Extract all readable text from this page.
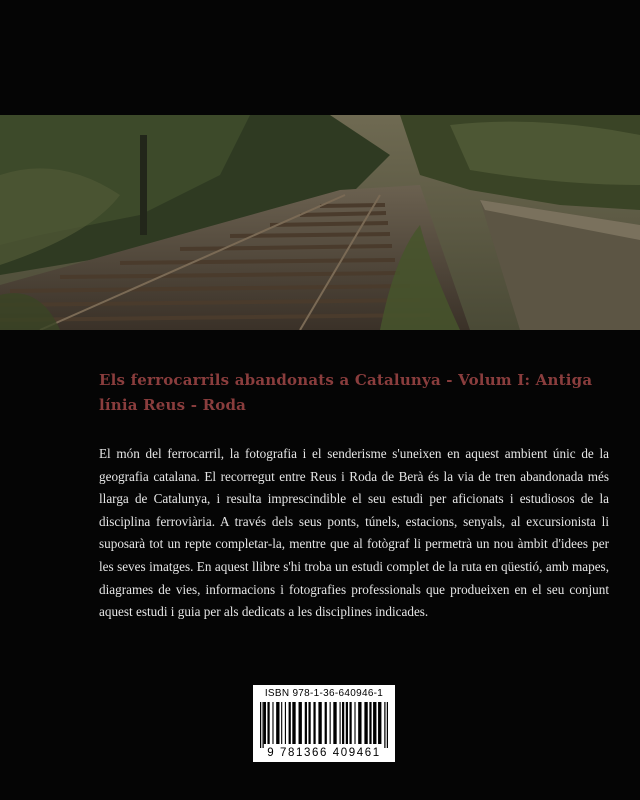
Els ferrocarrils abandonats a Catalunya - Volum I: Antiga línia Reus - Roda

El món del ferrocarril, la fotografia i el senderisme s'uneixen en aquest ambient únic de la geografia catalana. El recorregut entre Reus i Roda de Berà és la via de tren abandonada més llarga de Catalunya, i resulta imprescindible el seu estudi per aficionats i estudiosos de la disciplina ferroviària. A través dels seus ponts, túnels, estacions, senyals, al excursionista li suposarà tot un repte completar-la, mentre que al fotògraf li permetrà un nou àmbit d'idees per les seves imatges. En aquest llibre s'hi troba un estudi complet de la ruta en qüestió, amb mapes, diagrames de vies, informacions i fotografies professionals que produeixen en el seu conjunt aquest estudi i guia per als dedicats a les disciplines indicades.

ISBN 978-1-36-640946-1
9 781366 409461
